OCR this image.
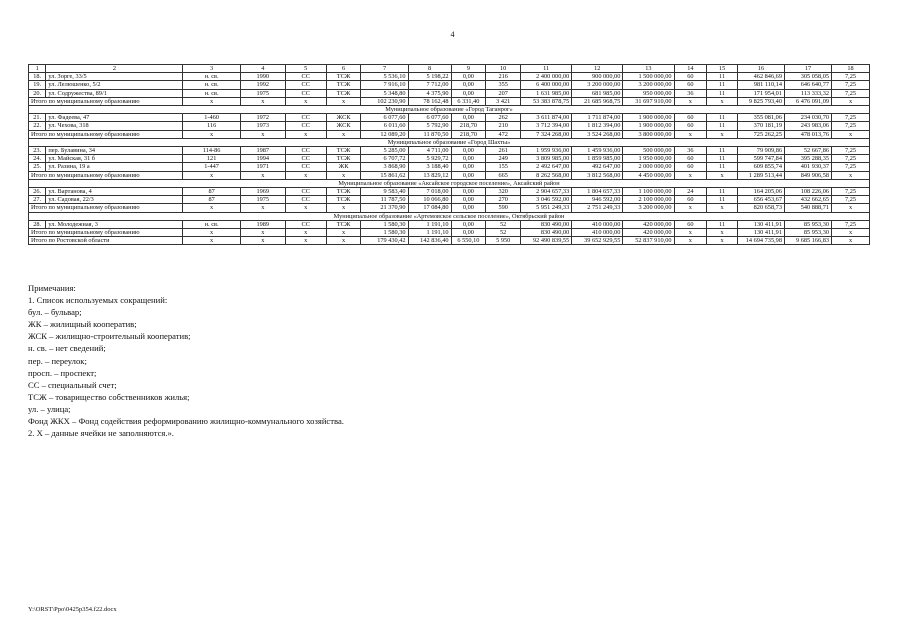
4
1	2	3	4	5	6	7	8	9	10	11	12	13	14	15	16	17	18
18.	ул. Зорге, 33/5	н. св.	1990	СС	ТСЖ	5 536,10	5 198,22	0,00	216	2 400 000,00	900 000,00	1 500 000,00	60	11	462 846,69	305 058,05	7,25
19.	ул. Лелюшенко, 5/2	н. св.	1992	СС	ТСЖ	7 916,10	7 712,00	0,00	355	6 400 000,00	3 200 000,00	3 200 000,00	60	11	981 110,14	646 640,77	7,25
20.	ул. Содружества, 89/1	н. св.	1975	СС	ТСЖ	5 348,80	4 375,90	0,00	207	1 631 985,00	681 985,00	950 000,00	36	11	171 954,01	113 333,32	7,25
Итого по муниципальному образованию		х	х	х	х	102 230,90	78 162,48	6 331,40	3 421	53 383 878,75	21 685 968,75	31 697 910,00	х	х	9 825 793,40	6 476 091,09	х
Муниципальное образование «Город Таганрог»																	
21.	ул. Фадеева, 47	1-460	1972	СС	ЖСК	6 077,60	6 077,60	0,00	262	3 611 874,00	1 711 874,00	1 900 000,00	60	11	355 081,06	234 030,70	7,25
22.	ул. Чехова, 318	116	1973	СС	ЖСК	6 011,60	5 792,90	218,70	210	3 712 394,00	1 812 394,00	1 900 000,00	60	11	370 181,19	243 983,06	7,25
Итого по муниципальному образованию		х	х	х	х	12 089,20	11 870,50	218,70	472	7 324 268,00	3 524 268,00	3 800 000,00	х	х	725 262,25	478 013,76	х
Муниципальное образование «Город Шахты»																	
23.	пер. Булавина, 34	114-86	1987	СС	ТСЖ	5 285,00	4 711,00	0,00	261	1 959 936,00	1 459 936,00	500 000,00	36	11	79 909,86	52 667,86	7,25
24.	ул. Майская, 31 б	121	1994	СС	ТСЖ	6 707,72	5 929,72	0,00	249	3 809 985,00	1 859 985,00	1 950 000,00	60	11	599 747,84	395 288,35	7,25
25.	ул. Разина, 19 а	1-447	1971	СС	ЖК	3 868,90	3 188,40	0,00	155	2 492 647,00	492 647,00	2 000 000,00	60	11	609 855,74	401 930,37	7,25
Итого по муниципальному образованию		х	х	х	х	15 861,62	13 829,12	0,00	665	8 262 568,00	3 812 568,00	4 450 000,00	х	х	1 289 513,44	849 906,58	х
Муниципальное образование «Аксайское городское поселение», Аксайский район																	
26.	ул. Вартанова, 4	87	1969	СС	ТСЖ	9 583,40	7 018,00	0,00	320	2 904 657,33	1 804 657,33	1 100 000,00	24	11	164 205,06	108 226,06	7,25
27.	ул. Садовая, 22/3	87	1975	СС	ТСЖ	11 787,50	10 066,80	0,00	270	3 046 592,00	946 592,00	2 100 000,00	60	11	656 453,67	432 662,65	7,25
Итого по муниципальному образованию		х	х	х	х	21 370,90	17 084,80	0,00	590	5 951 249,33	2 751 249,33	3 200 000,00	х	х	820 658,73	540 888,71	х
Муниципальное образование «Артемовское сельское поселение», Октябрьский район																	
28.	ул. Молодежная, 3	н. св.	1989	СС	ТСЖ	1 580,30	1 191,10	0,00	52	830 490,00	410 000,00	420 000,00	60	11	130 411,91	85 953,30	7,25
Итого по муниципальному образованию		х	х	х	х	1 580,30	1 191,10	0,00	52	830 490,00	410 000,00	420 000,00	х	х	130 411,91	85 953,30	х
Итого по Ростовской области		х	х	х	х	179 430,42	142 836,40	6 550,10	5 950	92 490 839,55	39 652 929,55	52 837 910,00	х	х	14 694 735,98	9 685 166,83	х
Примечания:
1. Список используемых сокращений:
бул. – бульвар;
ЖК – жилищный кооператив;
ЖСК – жилищно-строительный кооператив;
н. св. – нет сведений;
пер. – переулок;
просп. – проспект;
СС – специальный счет;
ТСЖ – товарищество собственников жилья;
ул. – улица;
Фонд ЖКХ – Фонд содействия реформированию жилищно-коммунального хозяйства.
2. Х – данные ячейки не заполняются.».
Y:\ORST\Ppo\0425p354.f22.docx
